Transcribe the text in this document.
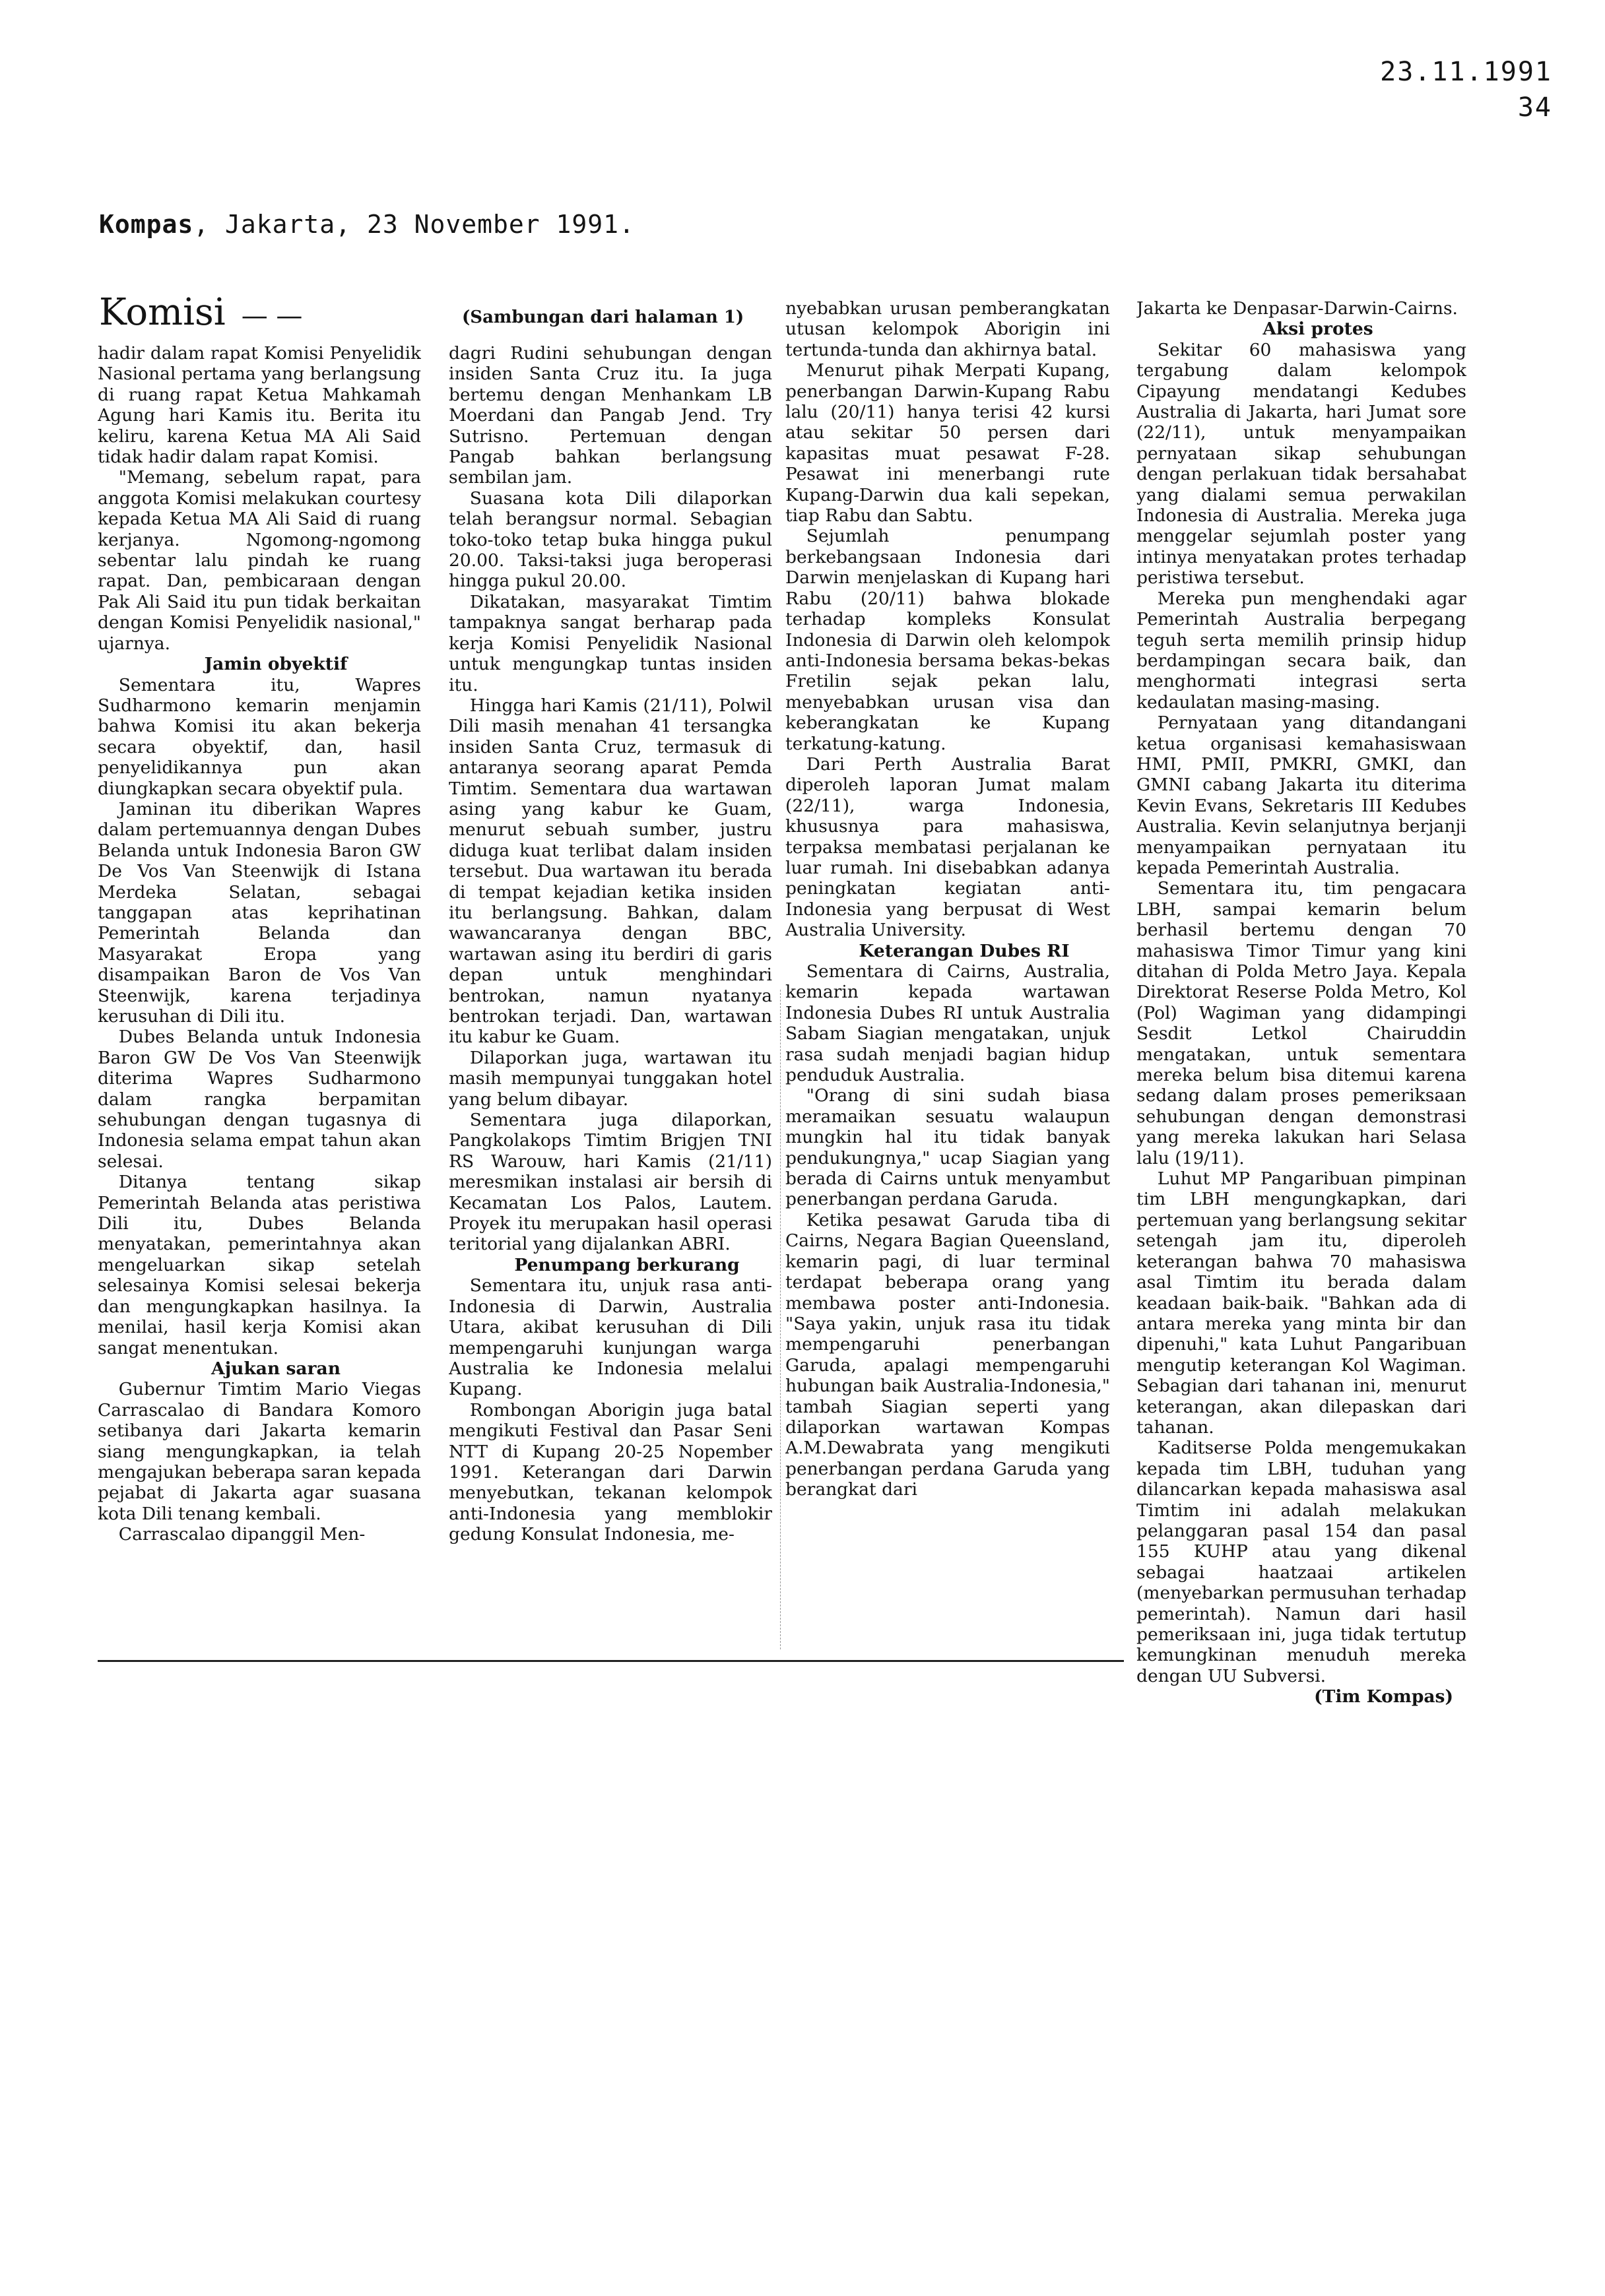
23.11.1991
34
Kompas, Jakarta, 23 November 1991.
Komisi — —	(Sambungan dari halaman 1)

hadir dalam rapat Komisi Penyelidik Nasional pertama yang berlangsung di ruang rapat Ketua Mahkamah Agung hari Kamis itu. Berita itu keliru, karena Ketua MA Ali Said tidak hadir dalam rapat Komisi.

"Memang, sebelum rapat, para anggota Komisi melakukan courtesy kepada Ketua MA Ali Said di ruang kerjanya. Ngomong-ngomong sebentar lalu pindah ke ruang rapat. Dan, pembicaraan dengan Pak Ali Said itu pun tidak berkaitan dengan Komisi Penyelidik nasional," ujarnya.

Jamin obyektif

Sementara itu, Wapres Sudharmono kemarin menjamin bahwa Komisi itu akan bekerja secara obyektif, dan, hasil penyelidikannya pun akan diungkapkan secara obyektif pula.

Jaminan itu diberikan Wapres dalam pertemuannya dengan Dubes Belanda untuk Indonesia Baron GW De Vos Van Steenwijk di Istana Merdeka Selatan, sebagai tanggapan atas keprihatinan Pemerintah Belanda dan Masyarakat Eropa yang disampaikan Baron de Vos Van Steenwijk, karena terjadinya kerusuhan di Dili itu.

Dubes Belanda untuk Indonesia Baron GW De Vos Van Steenwijk diterima Wapres Sudharmono dalam rangka berpamitan sehubungan dengan tugasnya di Indonesia selama empat tahun akan selesai.

Ditanya tentang sikap Pemerintah Belanda atas peristiwa Dili itu, Dubes Belanda menyatakan, pemerintahnya akan mengeluarkan sikap setelah selesainya Komisi selesai bekerja dan mengungkapkan hasilnya. Ia menilai, hasil kerja Komisi akan sangat menentukan.

Ajukan saran

Gubernur Timtim Mario Viegas Carrascalao di Bandara Komoro setibanya dari Jakarta kemarin siang mengungkapkan, ia telah mengajukan beberapa saran kepada pejabat di Jakarta agar suasana kota Dili tenang kembali.

Carrascalao dipanggil Men-

dagri Rudini sehubungan dengan insiden Santa Cruz itu. Ia juga bertemu dengan Menhankam LB Moerdani dan Pangab Jend. Try Sutrisno. Pertemuan dengan Pangab bahkan berlangsung sembilan jam.

Suasana kota Dili dilaporkan telah berangsur normal. Sebagian toko-toko tetap buka hingga pukul 20.00. Taksi-taksi juga beroperasi hingga pukul 20.00.

Dikatakan, masyarakat Timtim tampaknya sangat berharap pada kerja Komisi Penyelidik Nasional untuk mengungkap tuntas insiden itu.

Hingga hari Kamis (21/11), Polwil Dili masih menahan 41 tersangka insiden Santa Cruz, termasuk di antaranya seorang aparat Pemda Timtim. Sementara dua wartawan asing yang kabur ke Guam, menurut sebuah sumber, justru diduga kuat terlibat dalam insiden tersebut. Dua wartawan itu berada di tempat kejadian ketika insiden itu berlangsung. Bahkan, dalam wawancaranya dengan BBC, wartawan asing itu berdiri di garis depan untuk menghindari bentrokan, namun nyatanya bentrokan terjadi. Dan, wartawan itu kabur ke Guam.

Dilaporkan juga, wartawan itu masih mempunyai tunggakan hotel yang belum dibayar.

Sementara juga dilaporkan, Pangkolakops Timtim Brigjen TNI RS Warouw, hari Kamis (21/11) meresmikan instalasi air bersih di Kecamatan Los Palos, Lautem. Proyek itu merupakan hasil operasi teritorial yang dijalankan ABRI.

Penumpang berkurang

Sementara itu, unjuk rasa anti-Indonesia di Darwin, Australia Utara, akibat kerusuhan di Dili mempengaruhi kunjungan warga Australia ke Indonesia melalui Kupang.

Rombongan Aborigin juga batal mengikuti Festival dan Pasar Seni NTT di Kupang 20-25 Nopember 1991. Keterangan dari Darwin menyebutkan, tekanan kelompok anti-Indonesia yang memblokir gedung Konsulat Indonesia, me-

nyebabkan urusan pemberangkatan utusan kelompok Aborigin ini tertunda-tunda dan akhirnya batal.

Menurut pihak Merpati Kupang, penerbangan Darwin-Kupang Rabu lalu (20/11) hanya terisi 42 kursi atau sekitar 50 persen dari kapasitas muat pesawat F-28. Pesawat ini menerbangi rute Kupang-Darwin dua kali sepekan, tiap Rabu dan Sabtu.

Sejumlah penumpang berkebangsaan Indonesia dari Darwin menjelaskan di Kupang hari Rabu (20/11) bahwa blokade terhadap kompleks Konsulat Indonesia di Darwin oleh kelompok anti-Indonesia bersama bekas-bekas Fretilin sejak pekan lalu, menyebabkan urusan visa dan keberangkatan ke Kupang terkatung-katung.

Dari Perth Australia Barat diperoleh laporan Jumat malam (22/11), warga Indonesia, khususnya para mahasiswa, terpaksa membatasi perjalanan ke luar rumah. Ini disebabkan adanya peningkatan kegiatan anti-Indonesia yang berpusat di West Australia University.

Keterangan Dubes RI

Sementara di Cairns, Australia, kemarin kepada wartawan Indonesia Dubes RI untuk Australia Sabam Siagian mengatakan, unjuk rasa sudah menjadi bagian hidup penduduk Australia.

"Orang di sini sudah biasa meramaikan sesuatu walaupun mungkin hal itu tidak banyak pendukungnya," ucap Siagian yang berada di Cairns untuk menyambut penerbangan perdana Garuda.

Ketika pesawat Garuda tiba di Cairns, Negara Bagian Queensland, kemarin pagi, di luar terminal terdapat beberapa orang yang membawa poster anti-Indonesia. "Saya yakin, unjuk rasa itu tidak mempengaruhi penerbangan Garuda, apalagi mempengaruhi hubungan baik Australia-Indonesia," tambah Siagian seperti yang dilaporkan wartawan Kompas A.M.Dewabrata yang mengikuti penerbangan perdana Garuda yang berangkat dari

Jakarta ke Denpasar-Darwin-Cairns.

Aksi protes

Sekitar 60 mahasiswa yang tergabung dalam kelompok Cipayung mendatangi Kedubes Australia di Jakarta, hari Jumat sore (22/11), untuk menyampaikan pernyataan sikap sehubungan dengan perlakuan tidak bersahabat yang dialami semua perwakilan Indonesia di Australia. Mereka juga menggelar sejumlah poster yang intinya menyatakan protes terhadap peristiwa tersebut.

Mereka pun menghendaki agar Pemerintah Australia berpegang teguh serta memilih prinsip hidup berdampingan secara baik, dan menghormati integrasi serta kedaulatan masing-masing.

Pernyataan yang ditandangani ketua organisasi kemahasiswaan HMI, PMII, PMKRI, GMKI, dan GMNI cabang Jakarta itu diterima Kevin Evans, Sekretaris III Kedubes Australia. Kevin selanjutnya berjanji menyampaikan pernyataan itu kepada Pemerintah Australia.

Sementara itu, tim pengacara LBH, sampai kemarin belum berhasil bertemu dengan 70 mahasiswa Timor Timur yang kini ditahan di Polda Metro Jaya. Kepala Direktorat Reserse Polda Metro, Kol (Pol) Wagiman yang didampingi Sesdit Letkol Chairuddin mengatakan, untuk sementara mereka belum bisa ditemui karena sedang dalam proses pemeriksaan sehubungan dengan demonstrasi yang mereka lakukan hari Selasa lalu (19/11).

Luhut MP Pangaribuan pimpinan tim LBH mengungkapkan, dari pertemuan yang berlangsung sekitar setengah jam itu, diperoleh keterangan bahwa 70 mahasiswa asal Timtim itu berada dalam keadaan baik-baik. "Bahkan ada di antara mereka yang minta bir dan dipenuhi," kata Luhut Pangaribuan mengutip keterangan Kol Wagiman. Sebagian dari tahanan ini, menurut keterangan, akan dilepaskan dari tahanan.

Kaditserse Polda mengemukakan kepada tim LBH, tuduhan yang dilancarkan kepada mahasiswa asal Timtim ini adalah melakukan pelanggaran pasal 154 dan pasal 155 KUHP atau yang dikenal sebagai haatzaai artikelen (menyebarkan permusuhan terhadap pemerintah). Namun dari hasil pemeriksaan ini, juga tidak tertutup kemungkinan menuduh mereka dengan UU Subversi.

(Tim Kompas)
